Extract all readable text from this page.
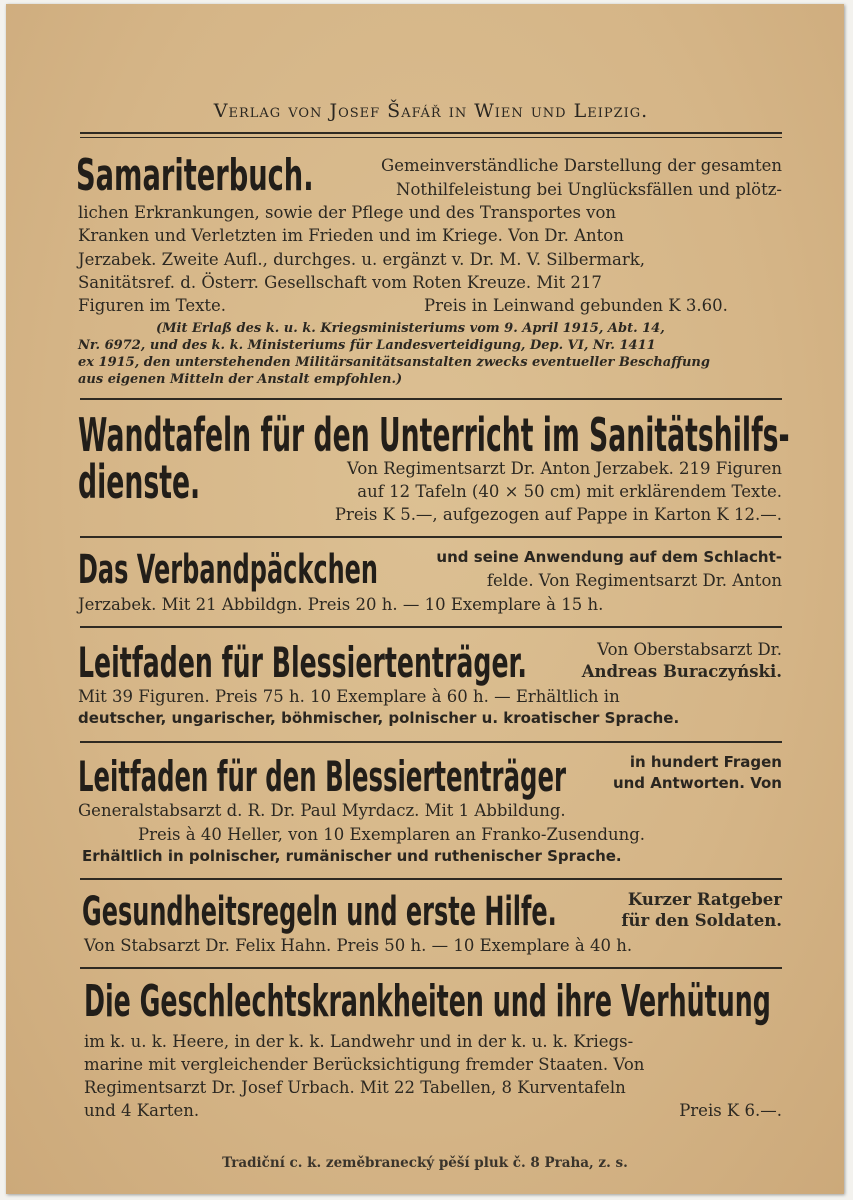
Verlag von Josef Šafář in Wien und Leipzig.
Samariterbuch.	Gemeinverständliche Darstellung der gesamten
Nothilfeleistung bei Unglücksfällen und plötz-
lichen Erkrankungen, sowie der Pflege und des Transportes von
Kranken und Verletzten im Frieden und im Kriege. Von Dr. Anton
Jerzabek. Zweite Aufl., durchges. u. ergänzt v. Dr. M. V. Silbermark,
Sanitätsref. d. Österr. Gesellschaft vom Roten Kreuze. Mit 217
Figuren im Texte.	Preis in Leinwand gebunden K 3.60.
(Mit Erlaß des k. u. k. Kriegsministeriums vom 9. April 1915, Abt. 14,
Nr. 6972, und des k. k. Ministeriums für Landesverteidigung, Dep. VI, Nr. 1411
ex 1915, den unterstehenden Militärsanitätsanstalten zwecks eventueller Beschaffung
aus eigenen Mitteln der Anstalt empfohlen.)
Wandtafeln für den Unterricht im Sanitätshilfs-
dienste.	Von Regimentsarzt Dr. Anton Jerzabek. 219 Figuren
auf 12 Tafeln (40 × 50 cm) mit erklärendem Texte.
Preis K 5.—, aufgezogen auf Pappe in Karton K 12.—.
Das Verbandpäckchen	und seine Anwendung auf dem Schlacht-
felde. Von Regimentsarzt Dr. Anton
Jerzabek. Mit 21 Abbildgn. Preis 20 h. — 10 Exemplare à 15 h.
Leitfaden für Blessiertenträger.	Von Oberstabsarzt Dr.
Andreas Buraczyński.
Mit 39 Figuren. Preis 75 h. 10 Exemplare à 60 h. — Erhältlich in
deutscher, ungarischer, böhmischer, polnischer u. kroatischer Sprache.
Leitfaden für den Blessiertenträger	in hundert Fragen
und Antworten. Von
Generalstabsarzt d. R. Dr. Paul Myrdacz. Mit 1 Abbildung.
Preis à 40 Heller, von 10 Exemplaren an Franko-Zusendung.
Erhältlich in polnischer, rumänischer und ruthenischer Sprache.
Gesundheitsregeln und erste Hilfe.	Kurzer Ratgeber
für den Soldaten.
Von Stabsarzt Dr. Felix Hahn. Preis 50 h. — 10 Exemplare à 40 h.
Die Geschlechtskrankheiten und ihre Verhütung
im k. u. k. Heere, in der k. k. Landwehr und in der k. u. k. Kriegs-
marine mit vergleichender Berücksichtigung fremder Staaten. Von
Regimentsarzt Dr. Josef Urbach. Mit 22 Tabellen, 8 Kurventafeln
und 4 Karten.	Preis K 6.—.
Tradiční c. k. zeměbranecký pěší pluk č. 8 Praha, z. s.
